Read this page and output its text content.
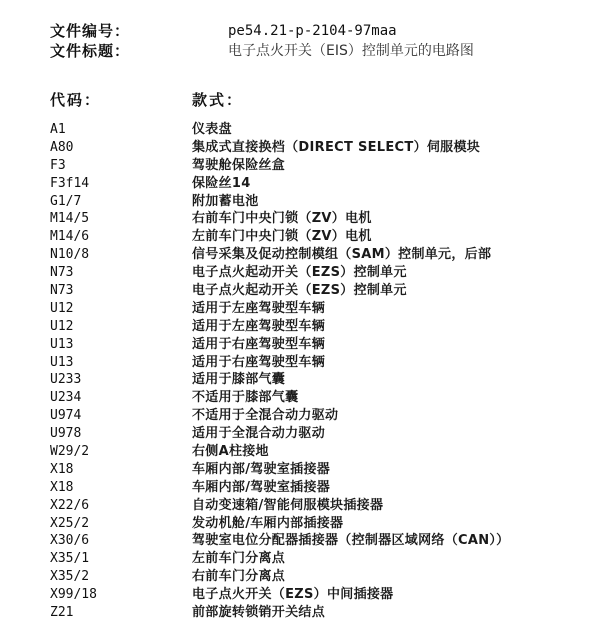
文件编号：	pe54.21-p-2104-97maa
文件标题：	电子点火开关（EIS）控制单元的电路图
代码：	款式：
A1	仪表盘
A80	集成式直接换档（DIRECT SELECT）伺服模块
F3	驾驶舱保险丝盒
F3f14	保险丝14
G1/7	附加蓄电池
M14/5	右前车门中央门锁（ZV）电机
M14/6	左前车门中央门锁（ZV）电机
N10/8	信号采集及促动控制模组（SAM）控制单元，后部
N73	电子点火起动开关（EZS）控制单元
N73	电子点火起动开关（EZS）控制单元
U12	适用于左座驾驶型车辆
U12	适用于左座驾驶型车辆
U13	适用于右座驾驶型车辆
U13	适用于右座驾驶型车辆
U233	适用于膝部气囊
U234	不适用于膝部气囊
U974	不适用于全混合动力驱动
U978	适用于全混合动力驱动
W29/2	右侧A柱接地
X18	车厢内部/驾驶室插接器
X18	车厢内部/驾驶室插接器
X22/6	自动变速箱/智能伺服模块插接器
X25/2	发动机舱/车厢内部插接器
X30/6	驾驶室电位分配器插接器（控制器区域网络（CAN））
X35/1	左前车门分离点
X35/2	右前车门分离点
X99/18	电子点火开关（EZS）中间插接器
Z21	前部旋转锁销开关结点
